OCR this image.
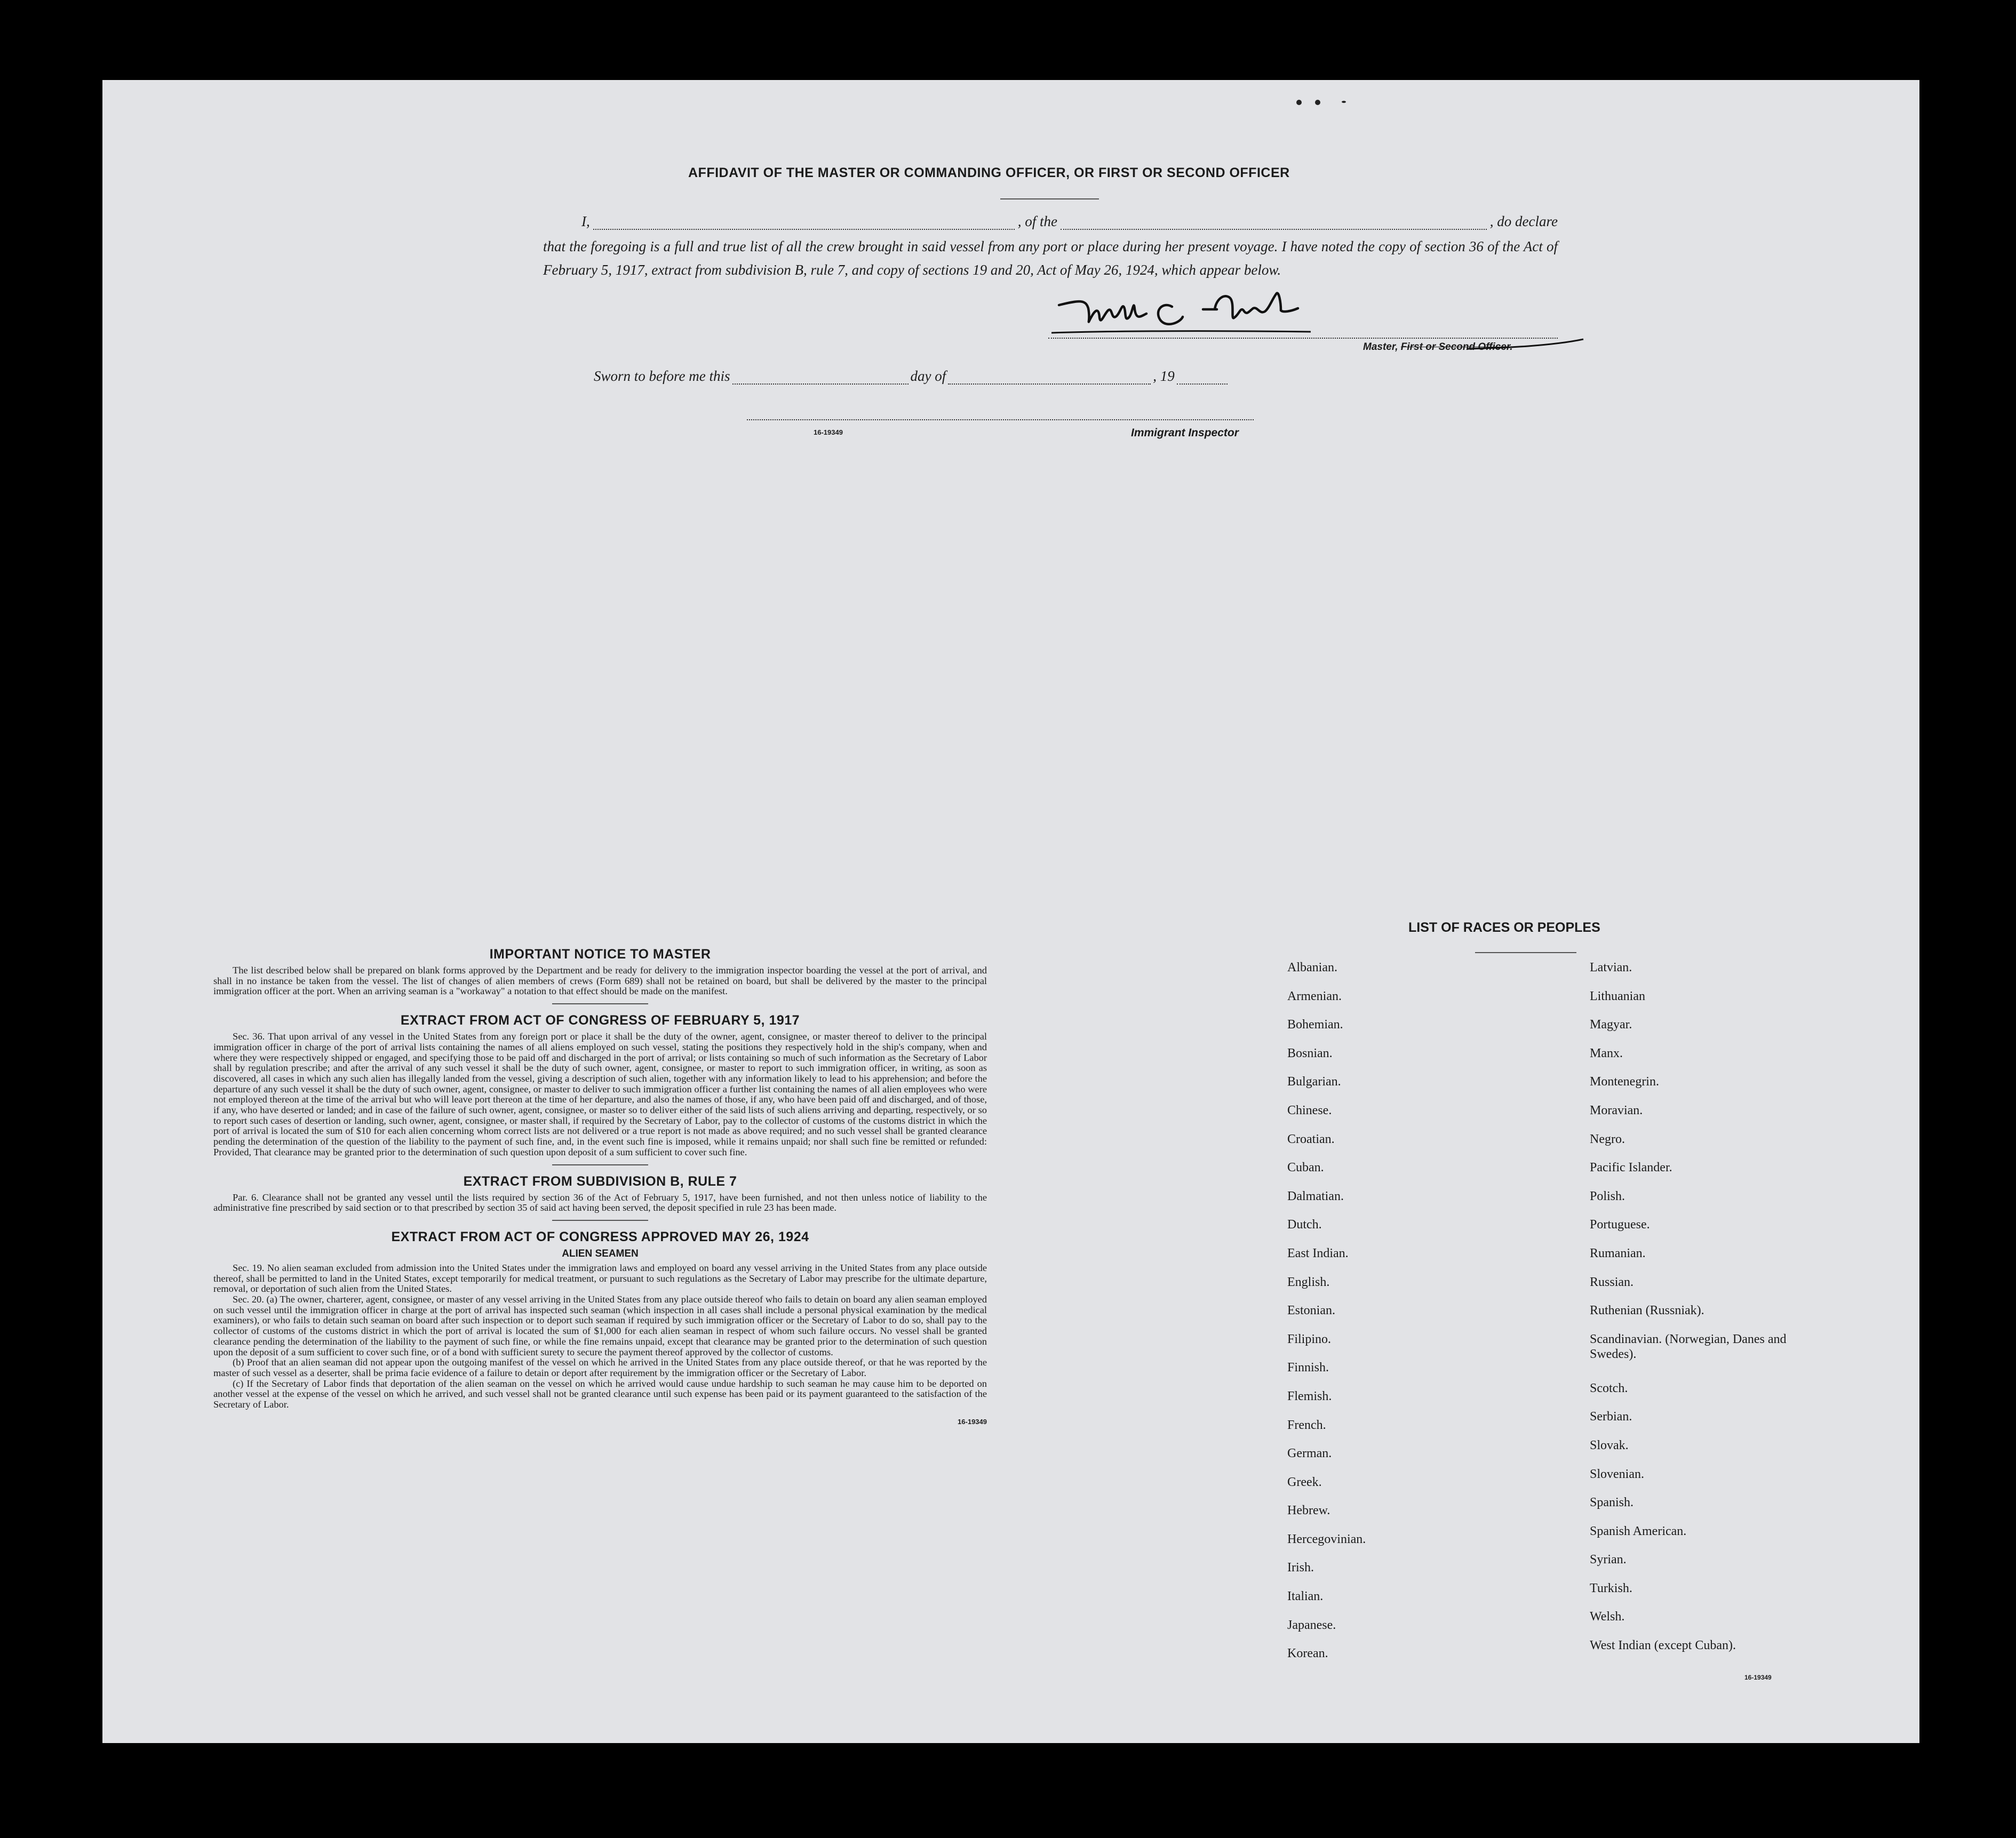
AFFIDAVIT OF THE MASTER OR COMMANDING OFFICER, OR FIRST OR SECOND OFFICER
I,	, of the	, do declare
that the foregoing is a full and true list of all the crew brought in said vessel from any port or place during her present voyage. I have noted the copy of section 36 of the Act of February 5, 1917, extract from subdivision B, rule 7, and copy of sections 19 and 20, Act of May 26, 1924, which appear below.
Master, First or Second Officer.
Sworn to before me this	day of	, 19
16-19349	Immigrant Inspector
IMPORTANT NOTICE TO MASTER

The list described below shall be prepared on blank forms approved by the Department and be ready for delivery to the immigration inspector boarding the vessel at the port of arrival, and shall in no instance be taken from the vessel. The list of changes of alien members of crews (Form 689) shall not be retained on board, but shall be delivered by the master to the principal immigration officer at the port. When an arriving seaman is a "workaway" a notation to that effect should be made on the manifest.

EXTRACT FROM ACT OF CONGRESS OF FEBRUARY 5, 1917

Sec. 36. That upon arrival of any vessel in the United States from any foreign port or place it shall be the duty of the owner, agent, consignee, or master thereof to deliver to the principal immigration officer in charge of the port of arrival lists containing the names of all aliens employed on such vessel, stating the positions they respectively hold in the ship's company, when and where they were respectively shipped or engaged, and specifying those to be paid off and discharged in the port of arrival; or lists containing so much of such information as the Secretary of Labor shall by regulation prescribe; and after the arrival of any such vessel it shall be the duty of such owner, agent, consignee, or master to report to such immigration officer, in writing, as soon as discovered, all cases in which any such alien has illegally landed from the vessel, giving a description of such alien, together with any information likely to lead to his apprehension; and before the departure of any such vessel it shall be the duty of such owner, agent, consignee, or master to deliver to such immigration officer a further list containing the names of all alien employees who were not employed thereon at the time of the arrival but who will leave port thereon at the time of her departure, and also the names of those, if any, who have been paid off and discharged, and of those, if any, who have deserted or landed; and in case of the failure of such owner, agent, consignee, or master so to deliver either of the said lists of such aliens arriving and departing, respectively, or so to report such cases of desertion or landing, such owner, agent, consignee, or master shall, if required by the Secretary of Labor, pay to the collector of customs of the customs district in which the port of arrival is located the sum of $10 for each alien concerning whom correct lists are not delivered or a true report is not made as above required; and no such vessel shall be granted clearance pending the determination of the question of the liability to the payment of such fine, and, in the event such fine is imposed, while it remains unpaid; nor shall such fine be remitted or refunded: Provided, That clearance may be granted prior to the determination of such question upon deposit of a sum sufficient to cover such fine.

EXTRACT FROM SUBDIVISION B, RULE 7

Par. 6. Clearance shall not be granted any vessel until the lists required by section 36 of the Act of February 5, 1917, have been furnished, and not then unless notice of liability to the administrative fine prescribed by said section or to that prescribed by section 35 of said act having been served, the deposit specified in rule 23 has been made.

EXTRACT FROM ACT OF CONGRESS APPROVED MAY 26, 1924
ALIEN SEAMEN

Sec. 19. No alien seaman excluded from admission into the United States under the immigration laws and employed on board any vessel arriving in the United States from any place outside thereof, shall be permitted to land in the United States, except temporarily for medical treatment, or pursuant to such regulations as the Secretary of Labor may prescribe for the ultimate departure, removal, or deportation of such alien from the United States.

Sec. 20. (a) The owner, charterer, agent, consignee, or master of any vessel arriving in the United States from any place outside thereof who fails to detain on board any alien seaman employed on such vessel until the immigration officer in charge at the port of arrival has inspected such seaman (which inspection in all cases shall include a personal physical examination by the medical examiners), or who fails to detain such seaman on board after such inspection or to deport such seaman if required by such immigration officer or the Secretary of Labor to do so, shall pay to the collector of customs of the customs district in which the port of arrival is located the sum of $1,000 for each alien seaman in respect of whom such failure occurs. No vessel shall be granted clearance pending the determination of the liability to the payment of such fine, or while the fine remains unpaid, except that clearance may be granted prior to the determination of such question upon the deposit of a sum sufficient to cover such fine, or of a bond with sufficient surety to secure the payment thereof approved by the collector of customs.

(b) Proof that an alien seaman did not appear upon the outgoing manifest of the vessel on which he arrived in the United States from any place outside thereof, or that he was reported by the master of such vessel as a deserter, shall be prima facie evidence of a failure to detain or deport after requirement by the immigration officer or the Secretary of Labor.

(c) If the Secretary of Labor finds that deportation of the alien seaman on the vessel on which he arrived would cause undue hardship to such seaman he may cause him to be deported on another vessel at the expense of the vessel on which he arrived, and such vessel shall not be granted clearance until such expense has been paid or its payment guaranteed to the satisfaction of the Secretary of Labor.

16-19349
LIST OF RACES OR PEOPLES
Albanian.
Armenian.
Bohemian.
Bosnian.
Bulgarian.
Chinese.
Croatian.
Cuban.
Dalmatian.
Dutch.
East Indian.
English.
Estonian.
Filipino.
Finnish.
Flemish.
French.
German.
Greek.
Hebrew.
Hercegovinian.
Irish.
Italian.
Japanese.
Korean.
Latvian.
Lithuanian
Magyar.
Manx.
Montenegrin.
Moravian.
Negro.
Pacific Islander.
Polish.
Portuguese.
Rumanian.
Russian.
Ruthenian (Russniak).
Scandinavian. (Norwegian, Danes and Swedes).
Scotch.
Serbian.
Slovak.
Slovenian.
Spanish.
Spanish American.
Syrian.
Turkish.
Welsh.
West Indian (except Cuban).
16-19349
